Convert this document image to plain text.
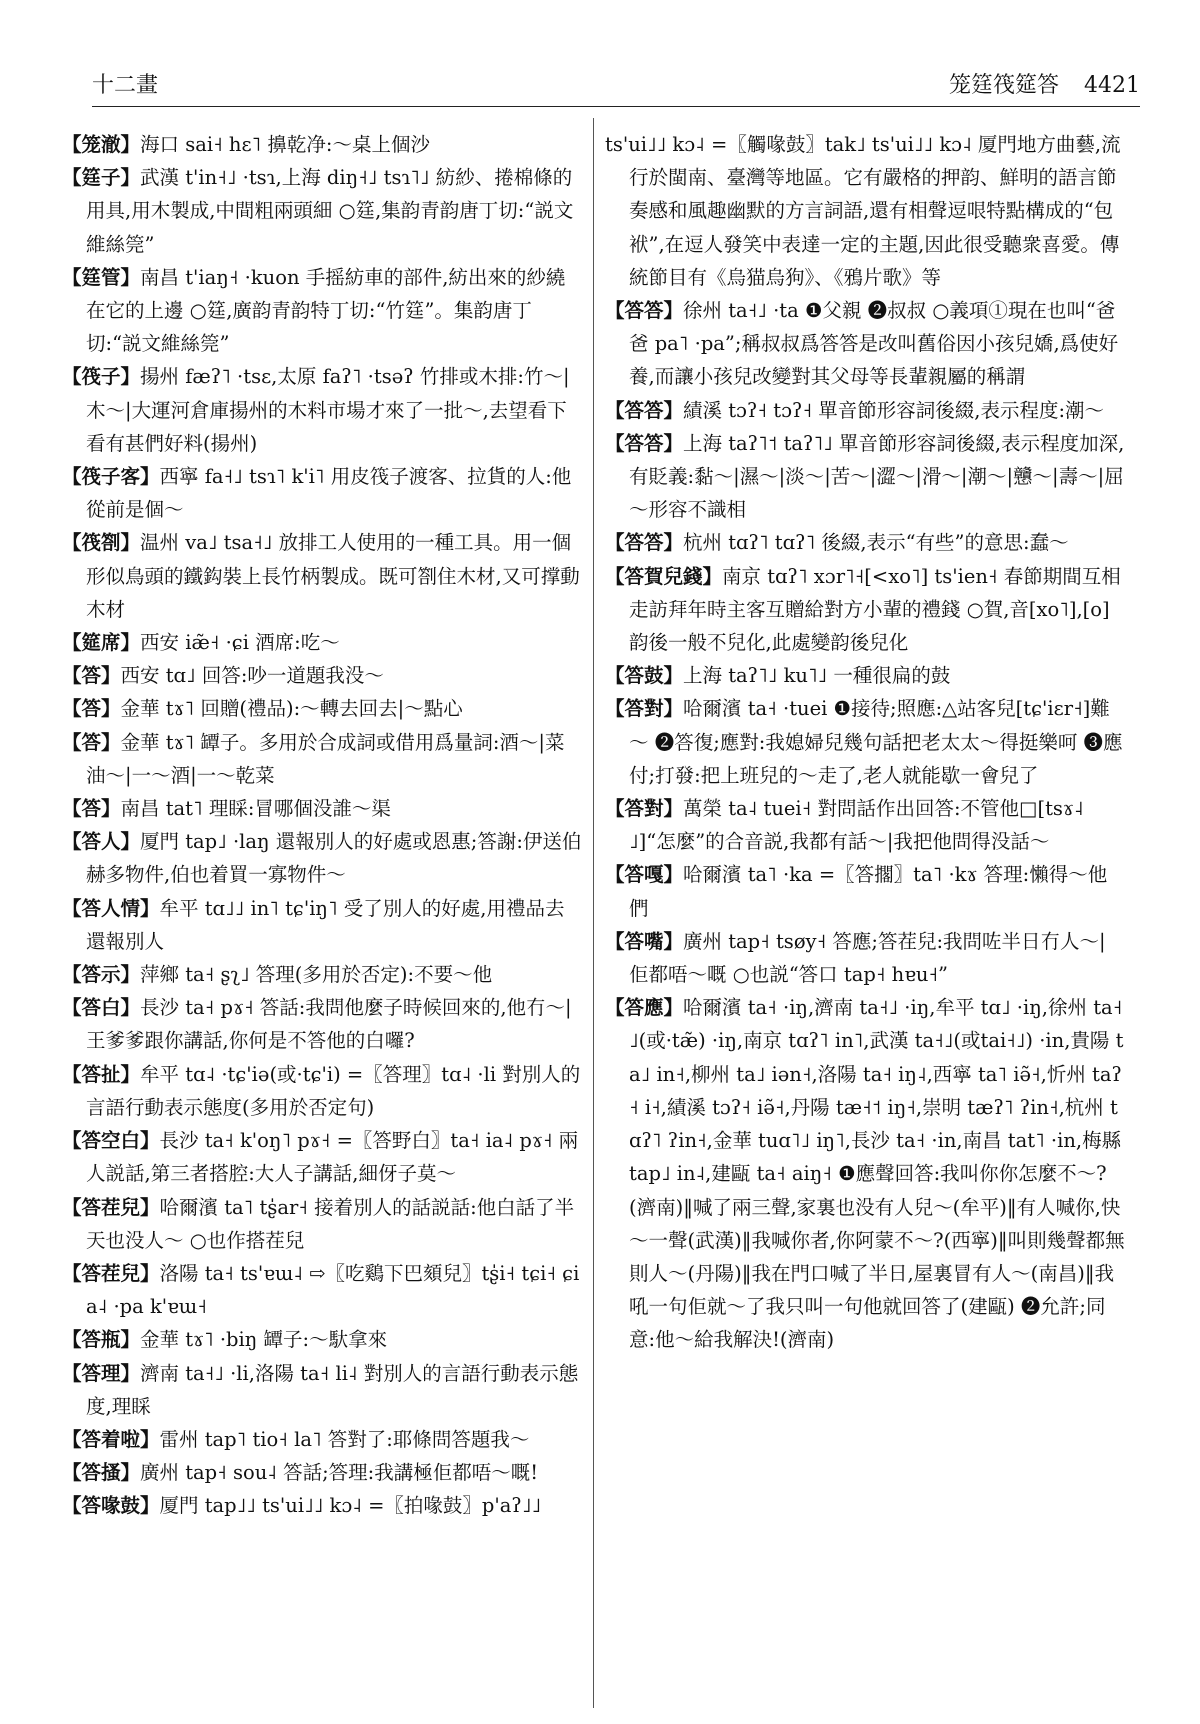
十二畫	笼筳筏筵答   4421

【笼澈】海口 sai˧ hɛ˥ 擤乾净:～桌上個沙

【筳子】武漢 t'in˧˩ ·tsɿ,上海 diŋ˧˩ tsɿ˥˩ 紡紗、捲棉條的用具,用木製成,中間粗兩頭細 ○筳,集韵青韵唐丁切:“説文維絲筦”

【筳管】南昌 t'iaŋ˧ ·kuon 手摇紡車的部件,紡出來的紗繞在它的上邊 ○筳,廣韵青韵特丁切:“竹筳”。集韵唐丁切:“説文維絲筦”

【筏子】揚州 fæʔ˥ ·tsɛ,太原 faʔ˥ ·tsəʔ 竹排或木排:竹～|木～|大運河倉庫揚州的木料市場才來了一批～,去望看下看有甚們好料(揚州)

【筏子客】西寧 fa˧˩ tsɿ˥ k'i˥ 用皮筏子渡客、拉貨的人:他從前是個～

【筏劄】温州 va˩ tsa˧˩ 放排工人使用的一種工具。用一個形似鳥頭的鐵鈎裝上長竹柄製成。既可劄住木材,又可撑動木材

【筵席】西安 iæ̃˧ ·ɕi 酒席:吃～

【答】西安 tɑ˩ 回答:吵一道題我没～

【答】金華 tɤ˥ 回贈(禮品):～轉去回去|～點心

【答】金華 tɤ˥ 罈子。多用於合成詞或借用爲量詞:酒～|菜油～|一～酒|一～乾菜

【答】南昌 tat˥ 理睬:冒哪個没誰～渠

【答人】厦門 tap˩ ·laŋ 還報別人的好處或恩惠;答謝:伊送伯赫多物件,伯也着買一寡物件～

【答人情】牟平 tɑ˩˩ in˥ tɕ'iŋ˥ 受了別人的好處,用禮品去還報別人

【答示】萍鄉 ta˧ ʂʅ˩ 答理(多用於否定):不要～他

【答白】長沙 ta˧ pɤ˧ 答話:我問他麼子時候回來的,他冇～|王爹爹跟你講話,你何是不答他的白囉?

【答扯】牟平 tɑ˨ ·tɕ'iə(或·tɕ'i) =〖答理〗tɑ˨ ·li 對別人的言語行動表示態度(多用於否定句)

【答空白】長沙 ta˧ k'oŋ˥ pɤ˧ =〖答野白〗ta˧ ia˨ pɤ˧ 兩人説話,第三者搭腔:大人子講話,細伢子莫～

【答茬兒】哈爾濱 ta˥ tʂ̍ar˧ 接着別人的話説話:他白話了半天也没人～ ○也作搭茬兒

【答茬兒】洛陽 ta˧ ts'ɐɯ˨ ⇨〖吃鷄下巴頦兒〗tʂ̍i˧ tɕi˧ ɕia˨ ·pa k'ɐɯ˧

【答瓶】金華 tɤ˥ ·biŋ 罈子:～馱拿來

【答理】濟南 ta˧˩ ·li,洛陽 ta˧ li˨ 對別人的言語行動表示態度,理睬

【答着啦】雷州 tap˥ tio˧ la˥ 答對了:耶條問答題我～

【答搔】廣州 tap˧ sou˨ 答話;答理:我講極佢都唔～嘅!

【答喙鼓】厦門 tap˩˩ ts'ui˩˩ kɔ˨ =〖拍喙鼓〗p'aʔ˩˩

ts'ui˩˩ kɔ˨ =〖觸喙鼓〗tak˩ ts'ui˩˩ kɔ˨ 厦門地方曲藝,流行於閩南、臺灣等地區。它有嚴格的押韵、鮮明的語言節奏感和風趣幽默的方言詞語,還有相聲逗哏特點構成的“包袱”,在逗人發笑中表達一定的主題,因此很受聽衆喜愛。傳統節目有《烏猫烏狗》、《鴉片歌》等

【答答】徐州 ta˧˩ ·ta ❶父親 ❷叔叔 ○義項①現在也叫“爸爸 pa˥ ·pa”;稱叔叔爲答答是改叫舊俗因小孩兒嬌,爲使好養,而讓小孩兒改變對其父母等長輩親屬的稱謂

【答答】績溪 tɔʔ˧ tɔʔ˧ 單音節形容詞後綴,表示程度:潮～

【答答】上海 taʔ˥˦ taʔ˥˩ 單音節形容詞後綴,表示程度加深,有貶義:黏～|濕～|淡～|苦～|澀～|滑～|潮～|戇～|壽～|屈～形容不識相

【答答】杭州 tɑʔ˥ tɑʔ˥ 後綴,表示“有些”的意思:蠢～

【答賀兒錢】南京 tɑʔ˥ xɔr˥˧[<xo˥] ts'ien˧ 春節期間互相走訪拜年時主客互贈給對方小輩的禮錢 ○賀,音[xo˥],[o]韵後一般不兒化,此處變韵後兒化

【答鼓】上海 taʔ˥˩ ku˥˩ 一種很扁的鼓

【答對】哈爾濱 ta˧ ·tuei ❶接待;照應:△站客兒[tɕ'iɛr˧]難～ ❷答復;應對:我媳婦兒幾句話把老太太～得挺樂呵 ❸應付;打發:把上班兒的～走了,老人就能歇一會兒了

【答對】萬榮 ta˨ tuei˧ 對問話作出回答:不管他□[tsɤ˨˩]“怎麼”的合音説,我都有話～|我把他問得没話～

【答嘎】哈爾濱 ta˥ ·ka =〖答擱〗ta˥ ·kɤ 答理:懶得～他們

【答嘴】廣州 tap˧ tsøy˧ 答應;答茬兒:我問咗半日冇人～|佢都唔～嘅 ○也説“答口 tap˧ hɐu˧”

【答應】哈爾濱 ta˧ ·iŋ,濟南 ta˧˩ ·iŋ,牟平 tɑ˩ ·iŋ,徐州 ta˧˩(或·tæ̃) ·iŋ,南京 tɑʔ˥ in˥,武漢 ta˧˩(或tai˧˩) ·in,貴陽 ta˩ in˧,柳州 ta˩ iən˧,洛陽 ta˧ iŋ˨,西寧 ta˥ iə̃˧,忻州 taʔ˧ i˧,績溪 tɔʔ˧ iə̃˧,丹陽 tæ˧˦ iŋ˧,崇明 tæʔ˥ ʔin˧,杭州 tɑʔ˥ ʔin˧,金華 tuɑ˥˩ iŋ˥,長沙 ta˧ ·in,南昌 tat˥ ·in,梅縣 tap˩ in˨,建甌 ta˧ aiŋ˧ ❶應聲回答:我叫你你怎麼不～?(濟南)‖喊了兩三聲,家裏也没有人兒～(牟平)‖有人喊你,快～一聲(武漢)‖我喊你者,你阿蒙不～?(西寧)‖叫則幾聲都無則人～(丹陽)‖我在門口喊了半日,屋裏冒有人～(南昌)‖我吼一句佢就～了我只叫一句他就回答了(建甌) ❷允許;同意:他～給我解決!(濟南)
